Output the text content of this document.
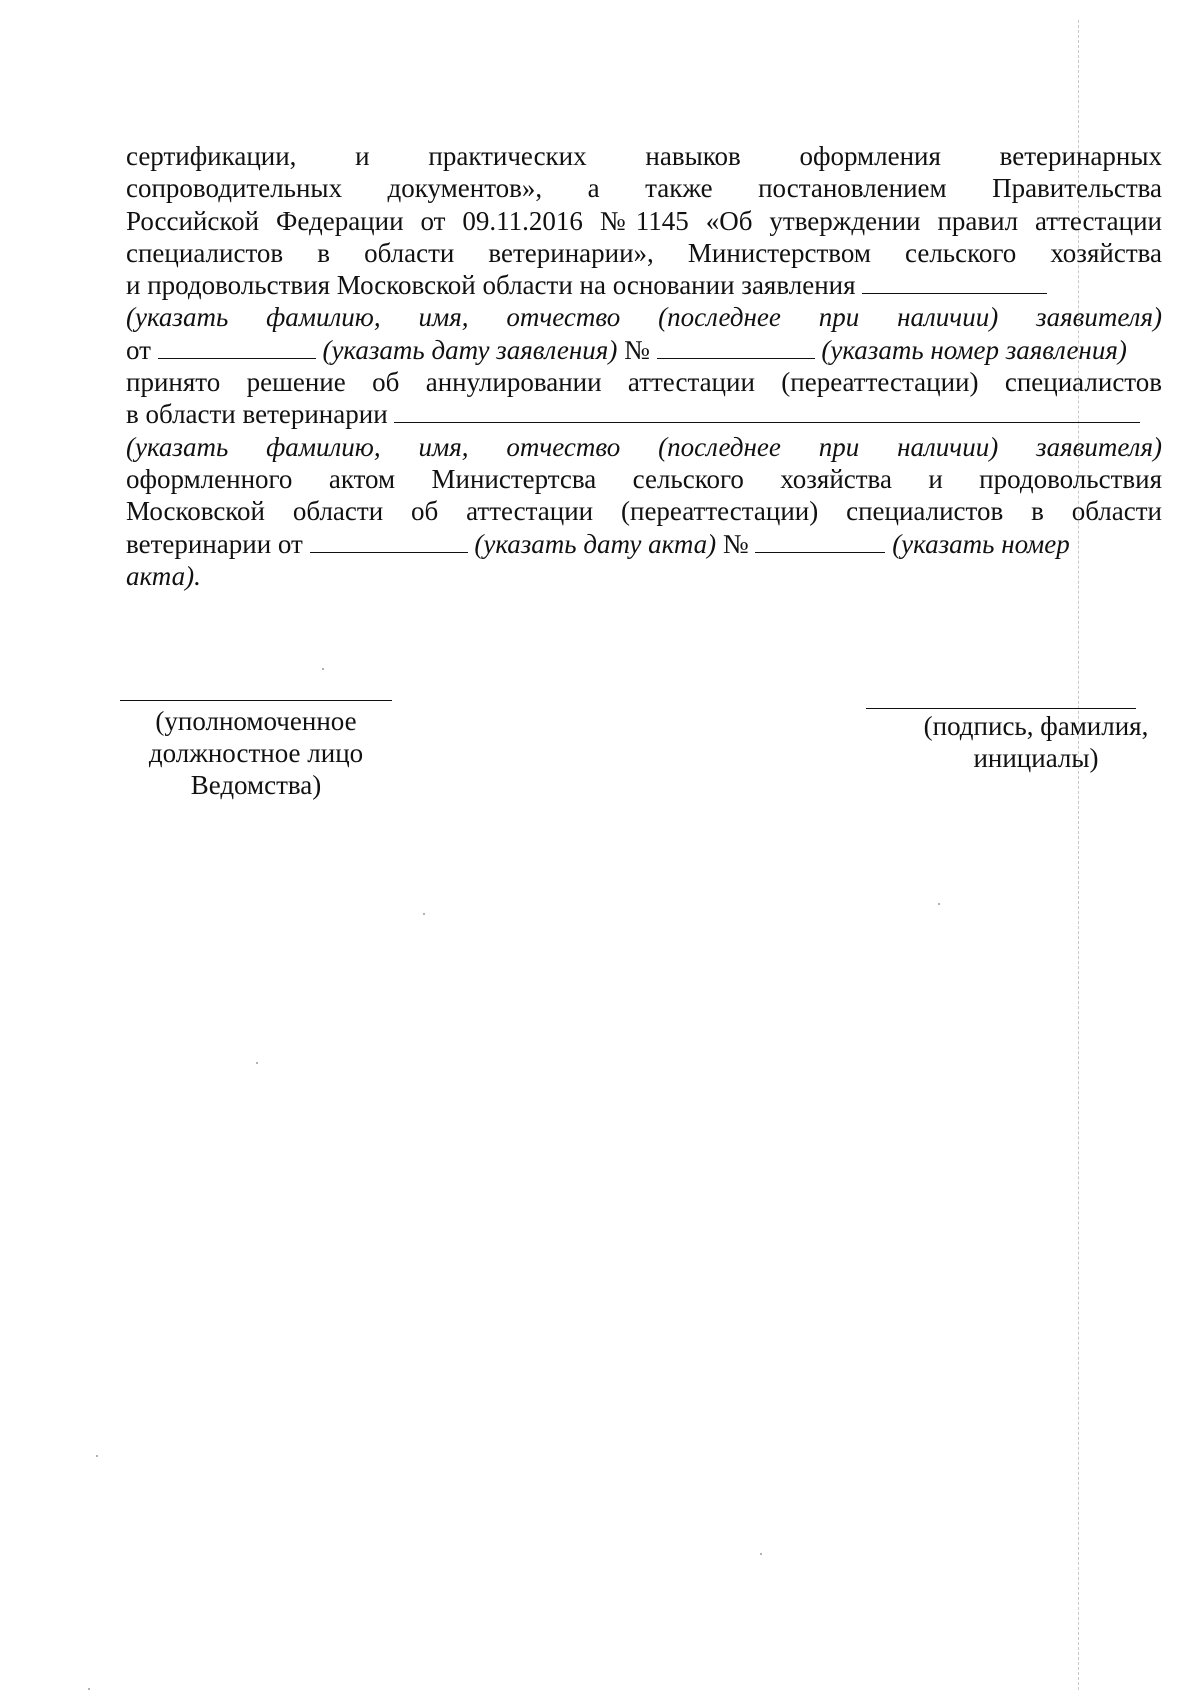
сертификации, и практических навыков оформления ветеринарных
сопроводительных документов», а также постановлением Правительства
Российской Федерации от 09.11.2016 №1145 «Об утверждении правил аттестации
специалистов в области ветеринарии», Министерством сельского хозяйства
и продовольствия Московской области на основании заявления
(указать фамилию, имя, отчество (последнее при наличии) заявителя)
от	(указать дату заявления) №	(указать номер заявления)
принято решение об аннулировании аттестации (переаттестации) специалистов
в области ветеринарии
(указать фамилию, имя, отчество (последнее при наличии) заявителя)
оформленного актом Министертсва сельского хозяйства и продовольствия
Московской области об аттестации (переаттестации) специалистов в области
ветеринарии от	(указать дату акта) №	(указать номер
акта).
(уполномоченное должностное лицо Ведомства)
(подпись, фамилия, инициалы)
